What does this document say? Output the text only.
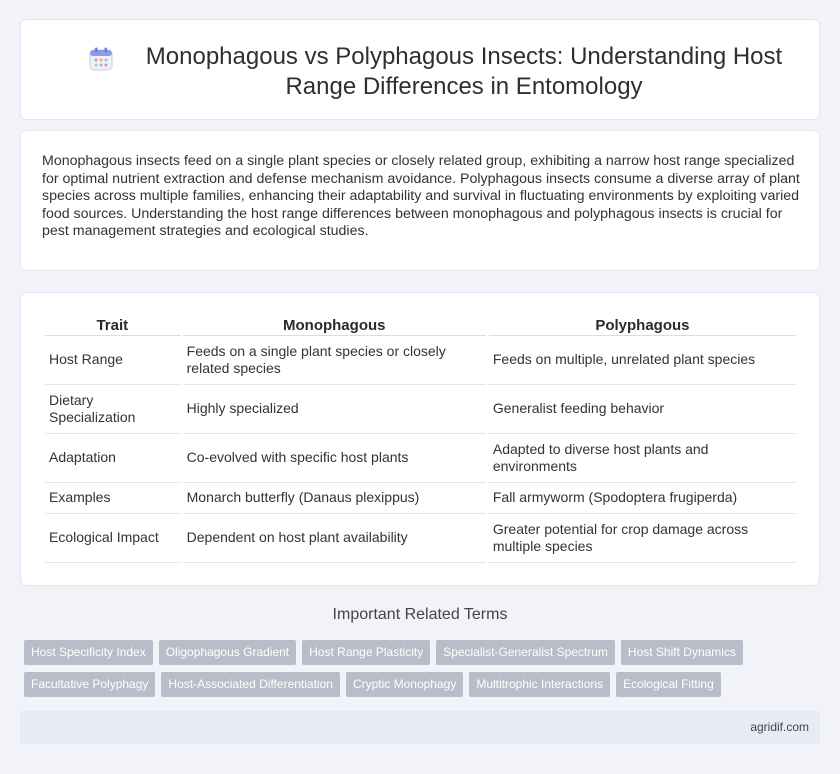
Monophagous vs Polyphagous Insects: Understanding Host Range Differences in Entomology

Monophagous insects feed on a single plant species or closely related group, exhibiting a narrow host range specialized for optimal nutrient extraction and defense mechanism avoidance. Polyphagous insects consume a diverse array of plant species across multiple families, enhancing their adaptability and survival in fluctuating environments by exploiting varied food sources. Understanding the host range differences between monophagous and polyphagous insects is crucial for pest management strategies and ecological studies.

Trait	Monophagous	Polyphagous
Host Range	Feeds on a single plant species or closely related species	Feeds on multiple, unrelated plant species
Dietary Specialization	Highly specialized	Generalist feeding behavior
Adaptation	Co-evolved with specific host plants	Adapted to diverse host plants and environments
Examples	Monarch butterfly (Danaus plexippus)	Fall armyworm (Spodoptera frugiperda)
Ecological Impact	Dependent on host plant availability	Greater potential for crop damage across multiple species
Important Related Terms
Host Specificity Index	Oligophagous Gradient	Host Range Plasticity	Specialist-Generalist Spectrum	Host Shift Dynamics
Facultative Polyphagy	Host-Associated Differentiation	Cryptic Monophagy	Multitrophic Interactions	Ecological Fitting
agridif.com
